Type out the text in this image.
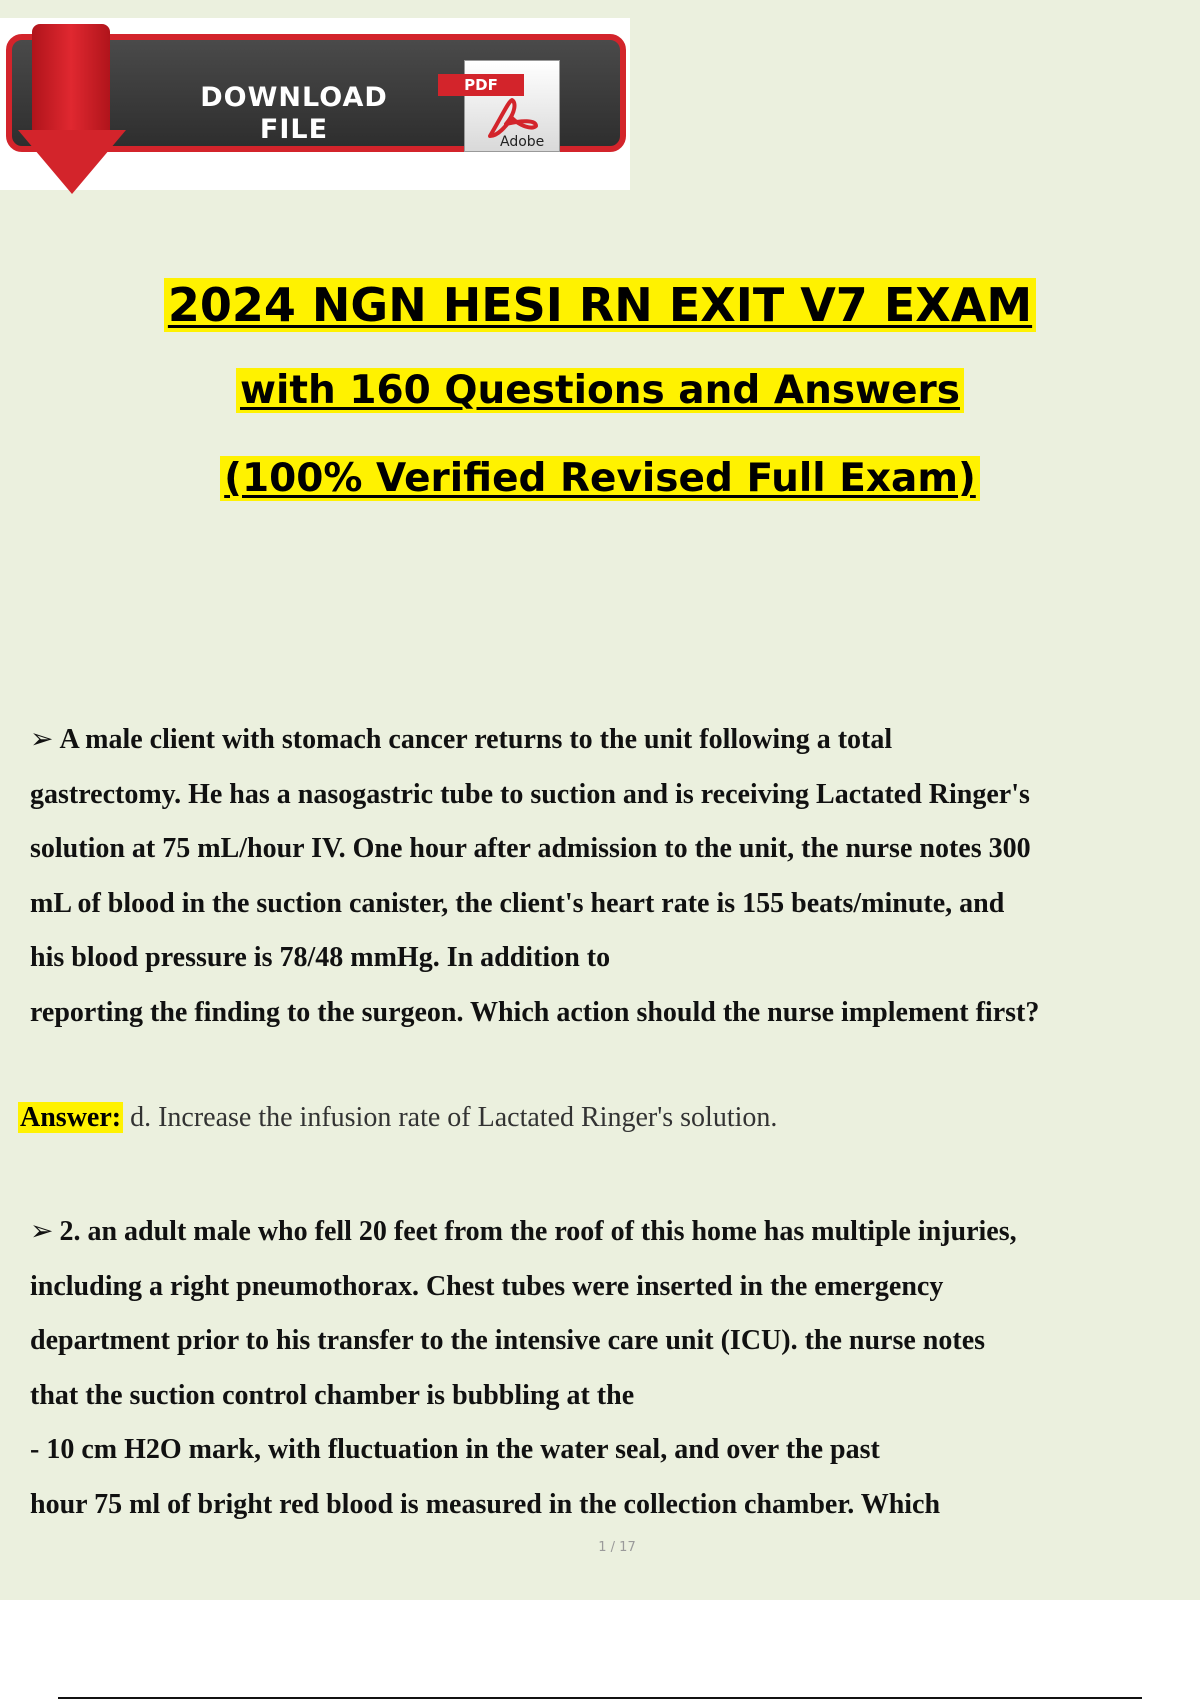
DOWNLOAD
FILE
PDF
Adobe
2024 NGN HESI RN EXIT V7 EXAM
with 160 Questions and Answers
(100% Verified Revised Full Exam)
➢ A male client with stomach cancer returns to the unit following a total
gastrectomy. He has a nasogastric tube to suction and is receiving Lactated Ringer's
solution at 75 mL/hour IV. One hour after admission to the unit, the nurse notes 300
mL of blood in the suction canister, the client's heart rate is 155 beats/minute, and
his blood pressure is 78/48 mmHg. In addition to
reporting the finding to the surgeon. Which action should the nurse implement first?
Answer: d. Increase the infusion rate of Lactated Ringer's solution.
➢ 2. an adult male who fell 20 feet from the roof of this home has multiple injuries,
including a right pneumothorax. Chest tubes were inserted in the emergency
department prior to his transfer to the intensive care unit (ICU). the nurse notes
that the suction control chamber is bubbling at the
- 10 cm H2O mark, with fluctuation in the water seal, and over the past
hour 75 ml of bright red blood is measured in the collection chamber. Which
1 / 17
